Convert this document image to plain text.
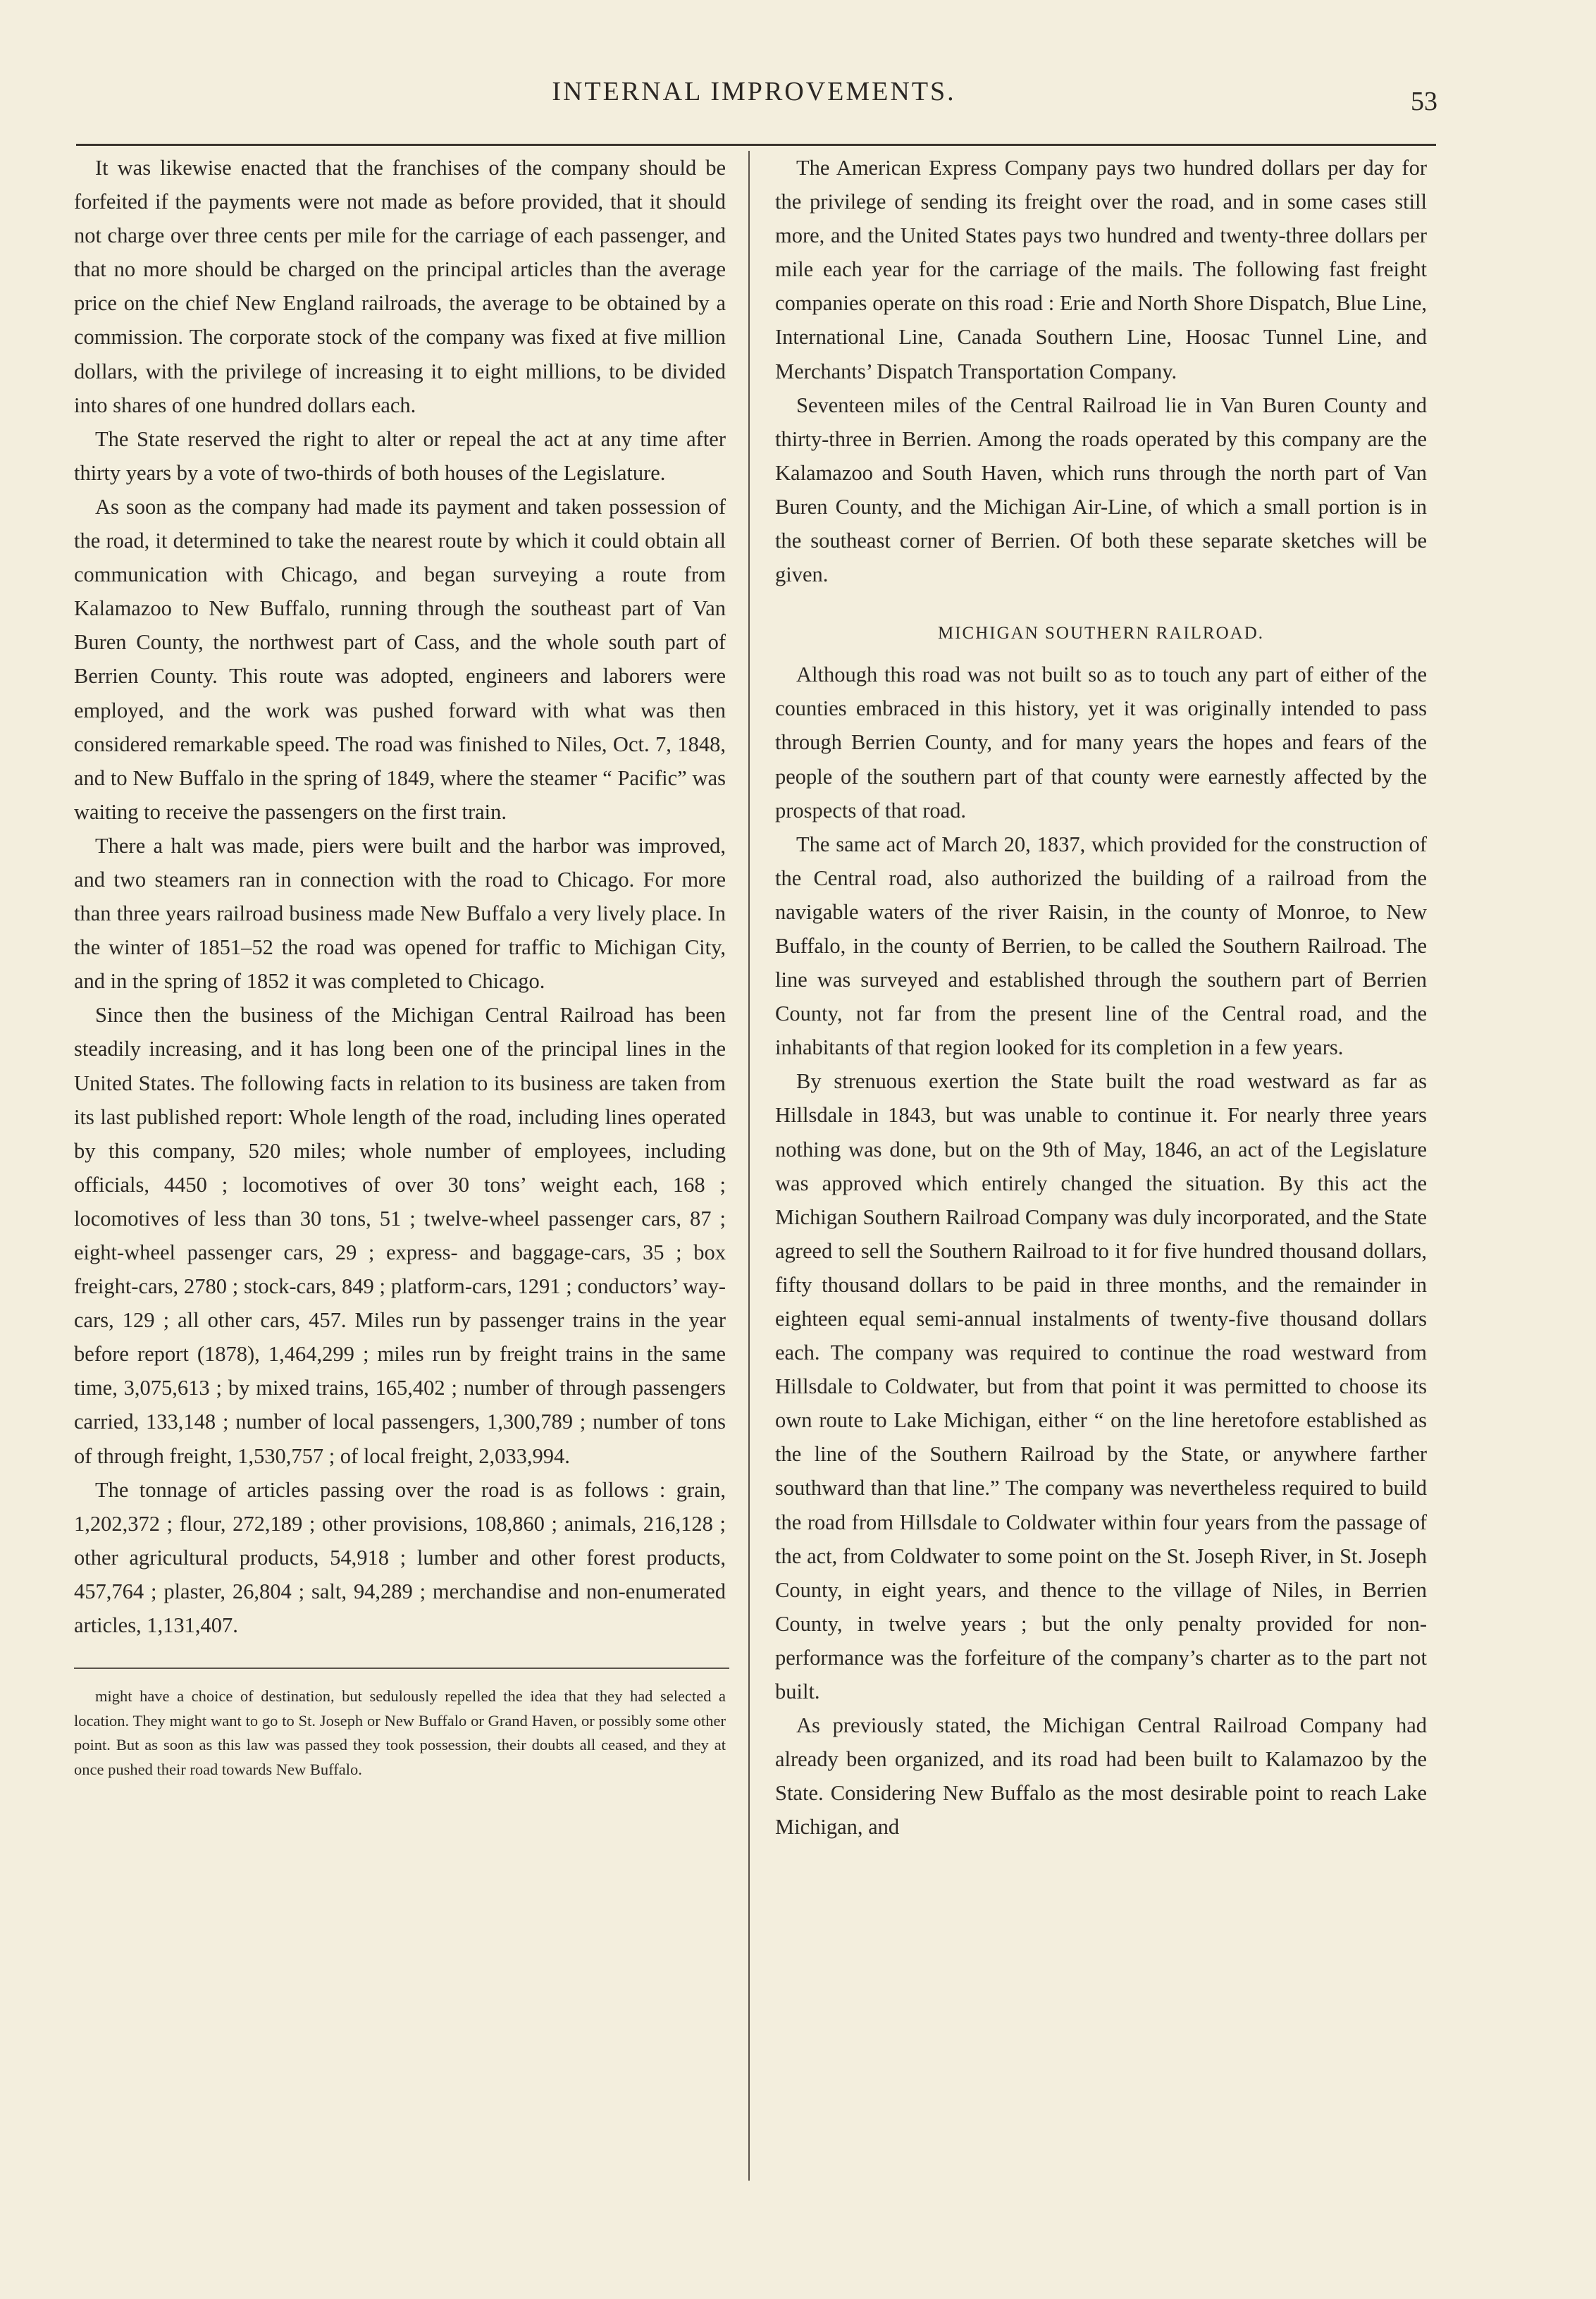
INTERNAL IMPROVEMENTS.	53

It was likewise enacted that the franchises of the company should be forfeited if the payments were not made as before provided, that it should not charge over three cents per mile for the carriage of each passenger, and that no more should be charged on the principal articles than the average price on the chief New England railroads, the average to be obtained by a commission. The corporate stock of the company was fixed at five million dollars, with the privilege of increasing it to eight millions, to be divided into shares of one hundred dollars each.

The State reserved the right to alter or repeal the act at any time after thirty years by a vote of two-thirds of both houses of the Legislature.

As soon as the company had made its payment and taken possession of the road, it determined to take the nearest route by which it could obtain all communication with Chicago, and began surveying a route from Kalamazoo to New Buffalo, running through the southeast part of Van Buren County, the northwest part of Cass, and the whole south part of Berrien County. This route was adopted, engineers and laborers were employed, and the work was pushed forward with what was then considered remarkable speed. The road was finished to Niles, Oct. 7, 1848, and to New Buffalo in the spring of 1849, where the steamer “ Pacific” was waiting to receive the passengers on the first train.

There a halt was made, piers were built and the harbor was improved, and two steamers ran in connection with the road to Chicago. For more than three years railroad business made New Buffalo a very lively place. In the winter of 1851–52 the road was opened for traffic to Michigan City, and in the spring of 1852 it was completed to Chicago.

Since then the business of the Michigan Central Railroad has been steadily increasing, and it has long been one of the principal lines in the United States. The following facts in relation to its business are taken from its last published report: Whole length of the road, including lines operated by this company, 520 miles; whole number of employees, including officials, 4450 ; locomotives of over 30 tons’ weight each, 168 ; locomotives of less than 30 tons, 51 ; twelve-wheel passenger cars, 87 ; eight-wheel passenger cars, 29 ; express- and baggage-cars, 35 ; box freight-cars, 2780 ; stock-cars, 849 ; platform-cars, 1291 ; conductors’ way-cars, 129 ; all other cars, 457. Miles run by passenger trains in the year before report (1878), 1,464,299 ; miles run by freight trains in the same time, 3,075,613 ; by mixed trains, 165,402 ; number of through passengers carried, 133,148 ; number of local passengers, 1,300,789 ; number of tons of through freight, 1,530,757 ; of local freight, 2,033,994.

The tonnage of articles passing over the road is as follows : grain, 1,202,372 ; flour, 272,189 ; other provisions, 108,860 ; animals, 216,128 ; other agricultural products, 54,918 ; lumber and other forest products, 457,764 ; plaster, 26,804 ; salt, 94,289 ; merchandise and non-enumerated articles, 1,131,407.

might have a choice of destination, but sedulously repelled the idea that they had selected a location. They might want to go to St. Joseph or New Buffalo or Grand Haven, or possibly some other point. But as soon as this law was passed they took possession, their doubts all ceased, and they at once pushed their road towards New Buffalo.

The American Express Company pays two hundred dollars per day for the privilege of sending its freight over the road, and in some cases still more, and the United States pays two hundred and twenty-three dollars per mile each year for the carriage of the mails. The following fast freight companies operate on this road : Erie and North Shore Dispatch, Blue Line, International Line, Canada Southern Line, Hoosac Tunnel Line, and Merchants’ Dispatch Transportation Company.

Seventeen miles of the Central Railroad lie in Van Buren County and thirty-three in Berrien. Among the roads operated by this company are the Kalamazoo and South Haven, which runs through the north part of Van Buren County, and the Michigan Air-Line, of which a small portion is in the southeast corner of Berrien. Of both these separate sketches will be given.

MICHIGAN SOUTHERN RAILROAD.

Although this road was not built so as to touch any part of either of the counties embraced in this history, yet it was originally intended to pass through Berrien County, and for many years the hopes and fears of the people of the southern part of that county were earnestly affected by the prospects of that road.

The same act of March 20, 1837, which provided for the construction of the Central road, also authorized the building of a railroad from the navigable waters of the river Raisin, in the county of Monroe, to New Buffalo, in the county of Berrien, to be called the Southern Railroad. The line was surveyed and established through the southern part of Berrien County, not far from the present line of the Central road, and the inhabitants of that region looked for its completion in a few years.

By strenuous exertion the State built the road westward as far as Hillsdale in 1843, but was unable to continue it. For nearly three years nothing was done, but on the 9th of May, 1846, an act of the Legislature was approved which entirely changed the situation. By this act the Michigan Southern Railroad Company was duly incorporated, and the State agreed to sell the Southern Railroad to it for five hundred thousand dollars, fifty thousand dollars to be paid in three months, and the remainder in eighteen equal semi-annual instalments of twenty-five thousand dollars each. The company was required to continue the road westward from Hillsdale to Coldwater, but from that point it was permitted to choose its own route to Lake Michigan, either “ on the line heretofore established as the line of the Southern Railroad by the State, or anywhere farther southward than that line.” The company was nevertheless required to build the road from Hillsdale to Coldwater within four years from the passage of the act, from Coldwater to some point on the St. Joseph River, in St. Joseph County, in eight years, and thence to the village of Niles, in Berrien County, in twelve years ; but the only penalty provided for non-performance was the forfeiture of the company’s charter as to the part not built.

As previously stated, the Michigan Central Railroad Company had already been organized, and its road had been built to Kalamazoo by the State. Considering New Buffalo as the most desirable point to reach Lake Michigan, and
